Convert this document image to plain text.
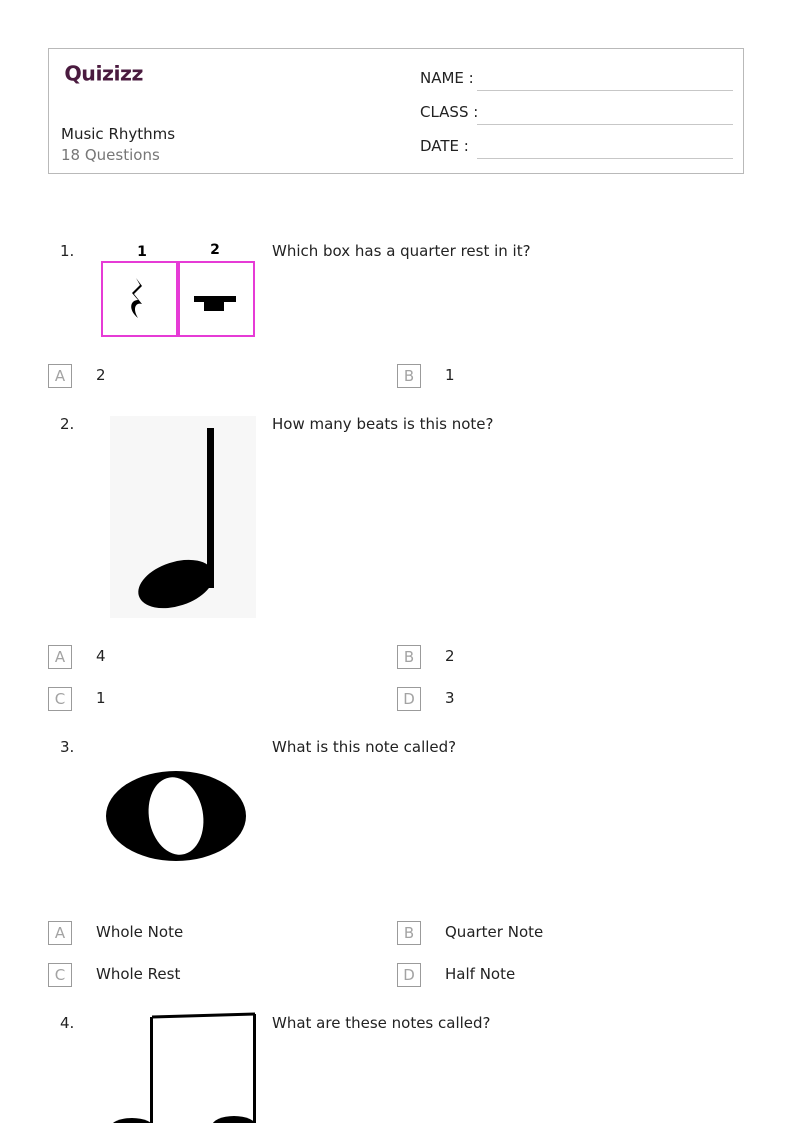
Quizizz
Music Rhythms
18 Questions
NAME :
CLASS :
DATE :
1.	Which box has a quarter rest in it?
1	2
A	2	B	1
2.	How many beats is this note?
A	4	B	2
C	1	D	3
3.	What is this note called?
A	Whole Note	B	Quarter Note
C	Whole Rest	D	Half Note
4.	What are these notes called?
